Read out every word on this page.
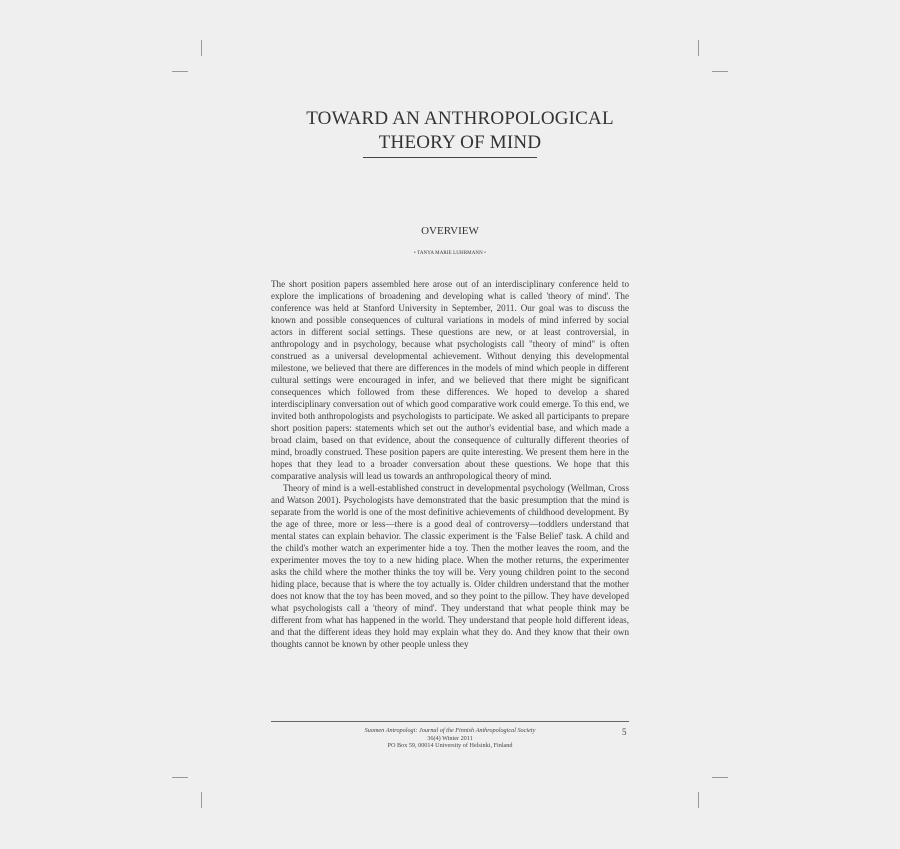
TOWARD AN ANTHROPOLOGICAL
THEORY OF MIND
OVERVIEW
• TANYA MARIE LUHRMANN •

The short position papers assembled here arose out of an interdisciplinary conference held to explore the implications of broadening and developing what is called 'theory of mind'. The conference was held at Stanford University in September, 2011. Our goal was to discuss the known and possible consequences of cultural variations in models of mind inferred by social actors in different social settings. These questions are new, or at least controversial, in anthropology and in psychology, because what psychologists call "theory of mind" is often construed as a universal developmental achievement. Without denying this developmental milestone, we believed that there are differences in the models of mind which people in different cultural settings were encouraged in infer, and we believed that there might be significant consequences which followed from these differences. We hoped to develop a shared interdisciplinary conversation out of which good comparative work could emerge. To this end, we invited both anthropologists and psychologists to participate. We asked all participants to prepare short position papers: statements which set out the author's evidential base, and which made a broad claim, based on that evidence, about the consequence of culturally different theories of mind, broadly construed. These position papers are quite interesting. We present them here in the hopes that they lead to a broader conversation about these questions. We hope that this comparative analysis will lead us towards an anthropological theory of mind.

Theory of mind is a well-established construct in developmental psychology (Wellman, Cross and Watson 2001). Psychologists have demonstrated that the basic presumption that the mind is separate from the world is one of the most definitive achievements of childhood development. By the age of three, more or less—there is a good deal of controversy—toddlers understand that mental states can explain behavior. The classic experiment is the 'False Belief' task. A child and the child's mother watch an experimenter hide a toy. Then the mother leaves the room, and the experimenter moves the toy to a new hiding place. When the mother returns, the experimenter asks the child where the mother thinks the toy will be. Very young children point to the second hiding place, because that is where the toy actually is. Older children understand that the mother does not know that the toy has been moved, and so they point to the pillow. They have developed what psychologists call a 'theory of mind'. They understand that what people think may be different from what has happened in the world. They understand that people hold different ideas, and that the different ideas they hold may explain what they do. And they know that their own thoughts cannot be known by other people unless they

Suomen Antropologi: Journal of the Finnish Anthropological Society
36(4) Winter 2011
PO Box 59, 00014 University of Helsinki, Finland
5
